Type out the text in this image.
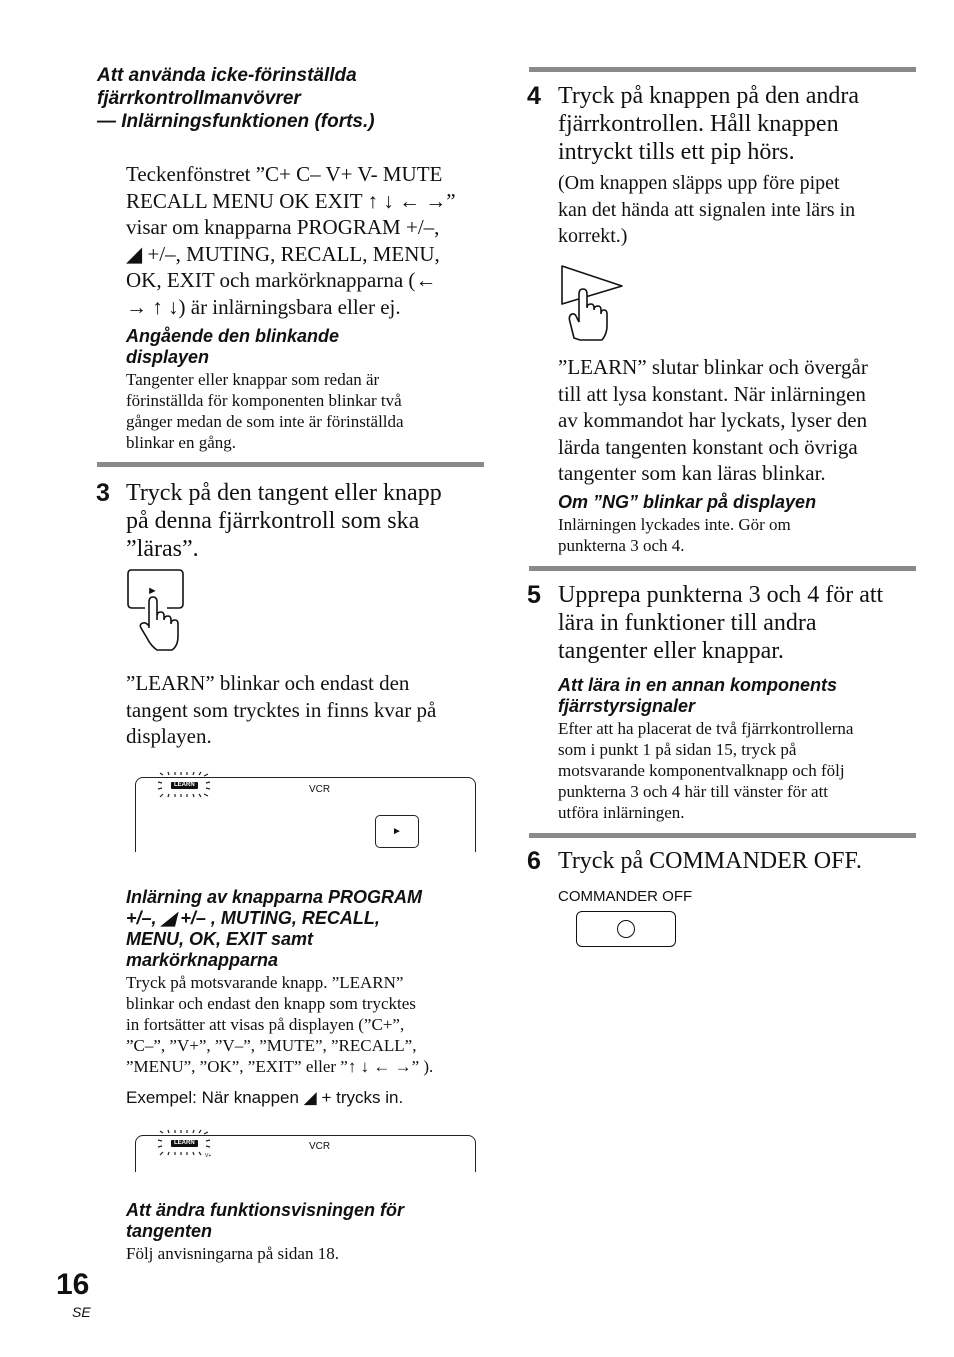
Att använda icke-förinställda
fjärrkontrollmanvövrer
— Inlärningsfunktionen (forts.)
Teckenfönstret ”C+ C– V+ V- MUTE
RECALL MENU OK EXIT ↑ ↓ ← →”
visar om knapparna PROGRAM +/–,
◢ +/–, MUTING, RECALL, MENU,
OK, EXIT och markörknapparna (←
→ ↑ ↓) är inlärningsbara eller ej.
Angående den blinkande
displayen
Tangenter eller knappar som redan är
förinställda för komponenten blinkar två
gånger medan de som inte är förinställda
blinkar en gång.
3 Tryck på den tangent eller knapp
på denna fjärrkontroll som ska
”läras”.
►
”LEARN” blinkar och endast den
tangent som trycktes in finns kvar på
displayen.
LEARN	VCR
►
Inlärning av knapparna PROGRAM
+/–, ◢ +/– , MUTING, RECALL,
MENU, OK, EXIT samt
markörknapparna
Tryck på motsvarande knapp. ”LEARN”
blinkar och endast den knapp som trycktes
in fortsätter att visas på displayen (”C+”,
”C–”, ”V+”, ”V–”, ”MUTE”, ”RECALL”,
”MENU”, ”OK”, ”EXIT” eller ”↑ ↓ ← →” ).
Exempel: När knappen ◢ + trycks in.
LEARN
V+
VCR
Att ändra funktionsvisningen för
tangenten
Följ anvisningarna på sidan 18.
16
SE
4 Tryck på knappen på den andra
fjärrkontrollen. Håll knappen
intryckt tills ett pip hörs.
(Om knappen släpps upp före pipet
kan det hända att signalen inte lärs in
korrekt.)
”LEARN” slutar blinkar och övergår
till att lysa konstant. När inlärningen
av kommandot har lyckats, lyser den
lärda tangenten konstant och övriga
tangenter som kan läras blinkar.
Om ”NG” blinkar på displayen
Inlärningen lyckades inte. Gör om
punkterna 3 och 4.
5 Upprepa punkterna 3 och 4 för att
lära in funktioner till andra
tangenter eller knappar.
Att lära in en annan komponents
fjärrstyrsignaler
Efter att ha placerat de två fjärrkontrollerna
som i punkt 1 på sidan 15, tryck på
motsvarande komponentvalknapp och följ
punkterna 3 och 4 här till vänster för att
utföra inlärningen.
6 Tryck på COMMANDER OFF.
COMMANDER OFF
